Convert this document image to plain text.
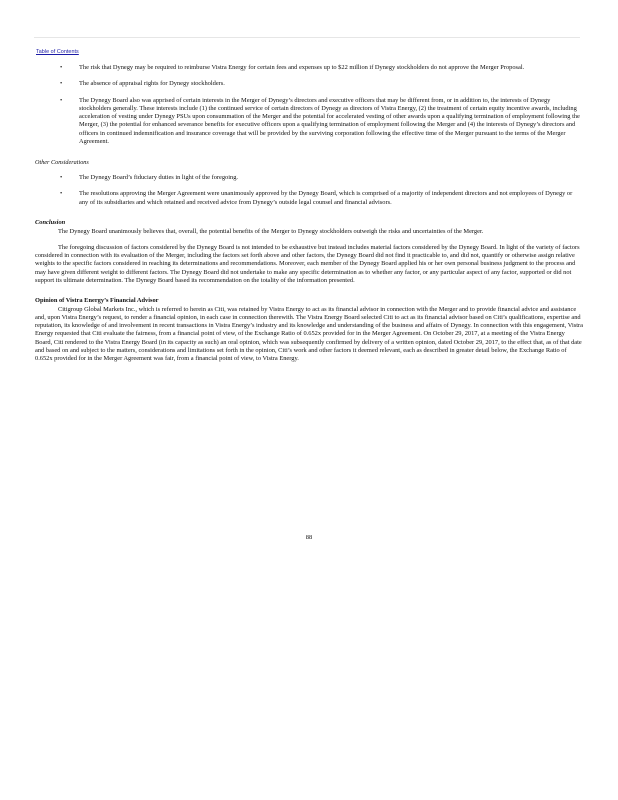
Table of Contents
•	The risk that Dynegy may be required to reimburse Vistra Energy for certain fees and expenses up to $22 million if Dynegy stockholders do not approve the Merger Proposal.
•	The absence of appraisal rights for Dynegy stockholders.
•	The Dynegy Board also was apprised of certain interests in the Merger of Dynegy’s directors and executive officers that may be different from, or in addition to, the interests of Dynegy stockholders generally. These interests include (1) the continued service of certain directors of Dynegy as directors of Vistra Energy, (2) the treatment of certain equity incentive awards, including acceleration of vesting under Dynegy PSUs upon consummation of the Merger and the potential for accelerated vesting of other awards upon a qualifying termination of employment following the Merger, (3) the potential for enhanced severance benefits for executive officers upon a qualifying termination of employment following the Merger and (4) the interests of Dynegy’s directors and officers in continued indemnification and insurance coverage that will be provided by the surviving corporation following the effective time of the Merger pursuant to the terms of the Merger Agreement.
Other Considerations
•	The Dynegy Board’s fiduciary duties in light of the foregoing.
•	The resolutions approving the Merger Agreement were unanimously approved by the Dynegy Board, which is comprised of a majority of independent directors and not employees of Dynegy or any of its subsidiaries and which retained and received advice from Dynegy’s outside legal counsel and financial advisors.
Conclusion

The Dynegy Board unanimously believes that, overall, the potential benefits of the Merger to Dynegy stockholders outweigh the risks and uncertainties of the Merger.

The foregoing discussion of factors considered by the Dynegy Board is not intended to be exhaustive but instead includes material factors considered by the Dynegy Board. In light of the variety of factors considered in connection with its evaluation of the Merger, including the factors set forth above and other factors, the Dynegy Board did not find it practicable to, and did not, quantify or otherwise assign relative weights to the specific factors considered in reaching its determinations and recommendations. Moreover, each member of the Dynegy Board applied his or her own personal business judgment to the process and may have given different weight to different factors. The Dynegy Board did not undertake to make any specific determination as to whether any factor, or any particular aspect of any factor, supported or did not support its ultimate determination. The Dynegy Board based its recommendation on the totality of the information presented.

Opinion of Vistra Energy’s Financial Advisor

Citigroup Global Markets Inc., which is referred to herein as Citi, was retained by Vistra Energy to act as its financial advisor in connection with the Merger and to provide financial advice and assistance and, upon Vistra Energy’s request, to render a financial opinion, in each case in connection therewith. The Vistra Energy Board selected Citi to act as its financial advisor based on Citi’s qualifications, expertise and reputation, its knowledge of and involvement in recent transactions in Vistra Energy’s industry and its knowledge and understanding of the business and affairs of Dynegy. In connection with this engagement, Vistra Energy requested that Citi evaluate the fairness, from a financial point of view, of the Exchange Ratio of 0.652x provided for in the Merger Agreement. On October 29, 2017, at a meeting of the Vistra Energy Board, Citi rendered to the Vistra Energy Board (in its capacity as such) an oral opinion, which was subsequently confirmed by delivery of a written opinion, dated October 29, 2017, to the effect that, as of that date and based on and subject to the matters, considerations and limitations set forth in the opinion, Citi’s work and other factors it deemed relevant, each as described in greater detail below, the Exchange Ratio of 0.652x provided for in the Merger Agreement was fair, from a financial point of view, to Vistra Energy.

88
